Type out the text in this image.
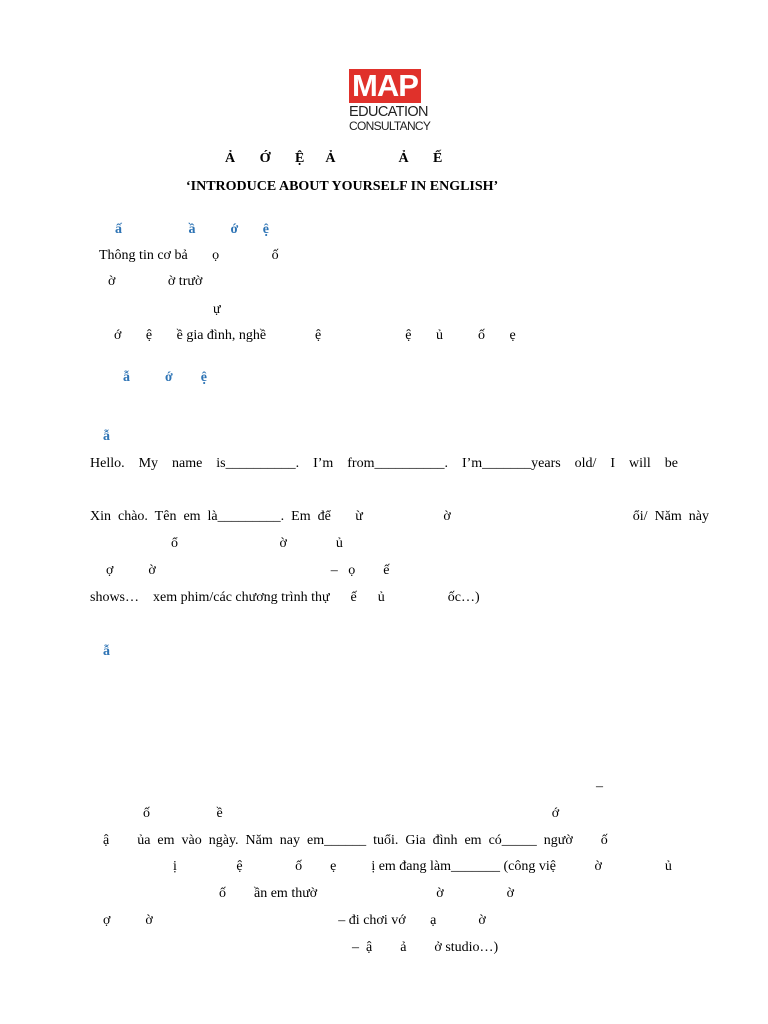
MAP
EDUCATION
CONSULTANCY
Ả       Ớ       Ệ      Ả                  Ả       Ế
‘INTRODUCE ABOUT YOURSELF IN ENGLISH’
ấ                   ầ          ớ       ệ
Thông tin cơ bả       ọ               ố
ờ               ờ trườ
ự
ớ       ệ       ề gia đình, nghề              ệ                        ệ       ủ          ố       ẹ
ẫ          ớ        ệ
ẫ
Hello. My name is__________. I’m from__________. I’m_______years old/ I will be
Xin  chào.  Tên  em  là_________.  Em  để       ừ                       ờ                                                    ổi/  Năm  này
ổ                             ờ              ủ
ợ          ờ                                                  –   ọ        ế
shows…    xem phim/các chương trình thự      ế      ủ                  ốc…)
ẫ
–
ố                   ề                                                                                              ớ
ậ        ủa  em  vào  ngày.  Năm  nay  em______  tuổi.  Gia  đình  em  có_____  ngườ        ố
ị                 ệ               ố        ẹ          ị em đang làm_______ (công việ           ờ                  ủ
ố        ần em thườ                                  ờ                  ờ
ợ          ờ                                                     – đi chơi vớ       ạ            ờ
–  ậ        ả        ở studio…)
